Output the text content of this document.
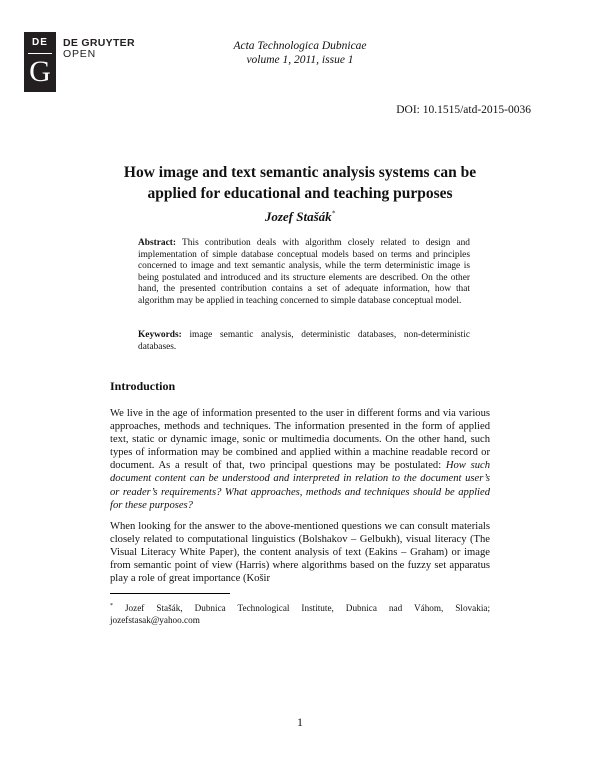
DE
G
DE GRUYTER
OPEN
Acta Technologica Dubnicae
volume 1, 2011, issue 1
DOI: 10.1515/atd-2015-0036
How image and text semantic analysis systems can be
applied for educational and teaching purposes
Jozef Stašák*
Abstract: This contribution deals with algorithm closely related to design and implementation of simple database conceptual models based on terms and principles concerned to image and text semantic analysis, while the term deterministic image is being postulated and introduced and its structure elements are described. On the other hand, the presented contribution contains a set of adequate information, how that algorithm may be applied in teaching concerned to simple database conceptual model.
Keywords: image semantic analysis, deterministic databases, non-deterministic databases.
Introduction
We live in the age of information presented to the user in different forms and via various approaches, methods and techniques. The information presented in the form of applied text, static or dynamic image, sonic or multimedia documents. On the other hand, such types of information may be combined and applied within a machine readable record or document. As a result of that, two principal questions may be postulated: How such document content can be understood and interpreted in relation to the document user’s or reader’s requirements? What approaches, methods and techniques should be applied for these purposes?
When looking for the answer to the above-mentioned questions we can consult materials closely related to computational linguistics (Bolshakov – Gelbukh), visual literacy (The Visual Literacy White Paper), the content analysis of text (Eakins – Graham) or image from semantic point of view (Harris) where algorithms based on the fuzzy set apparatus play a role of great importance (Košir
* Jozef Stašák, Dubnica Technological Institute, Dubnica nad Váhom, Slovakia; jozefstasak@yahoo.com
1
